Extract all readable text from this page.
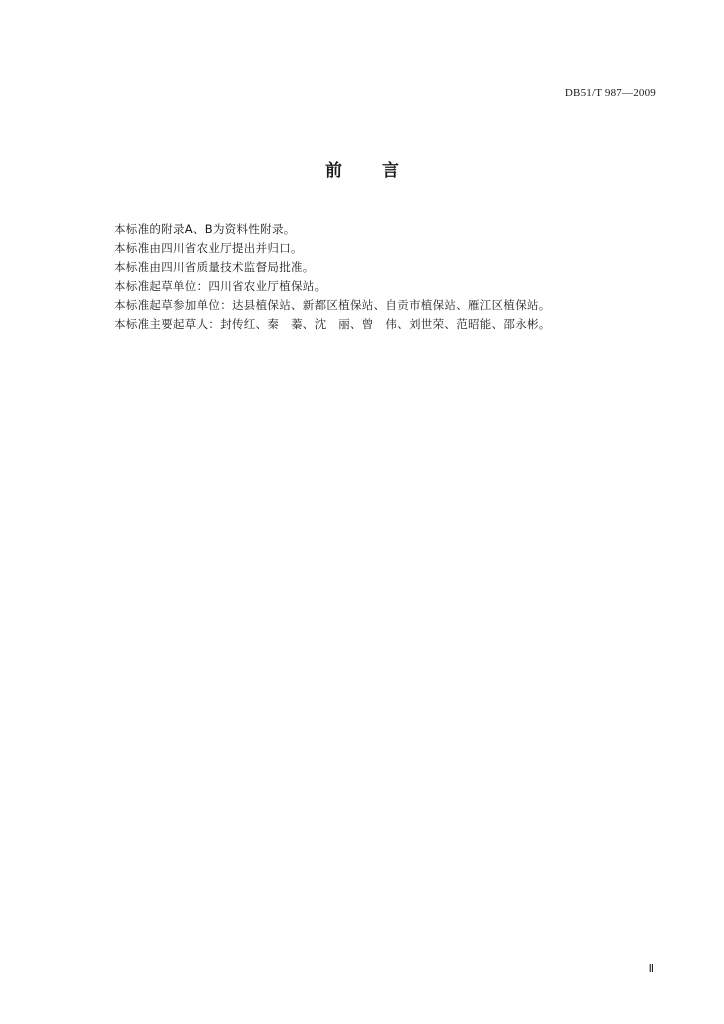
DB51/T 987—2009
前 言
本标准的附录A、B为资料性附录。
本标准由四川省农业厅提出并归口。
本标准由四川省质量技术监督局批准。
本标准起草单位：四川省农业厅植保站。
本标准起草参加单位：达县植保站、新都区植保站、自贡市植保站、雁江区植保站。
本标准主要起草人：封传红、秦　蓁、沈　丽、曾　伟、刘世荣、范昭能、邵永彬。
Ⅱ
